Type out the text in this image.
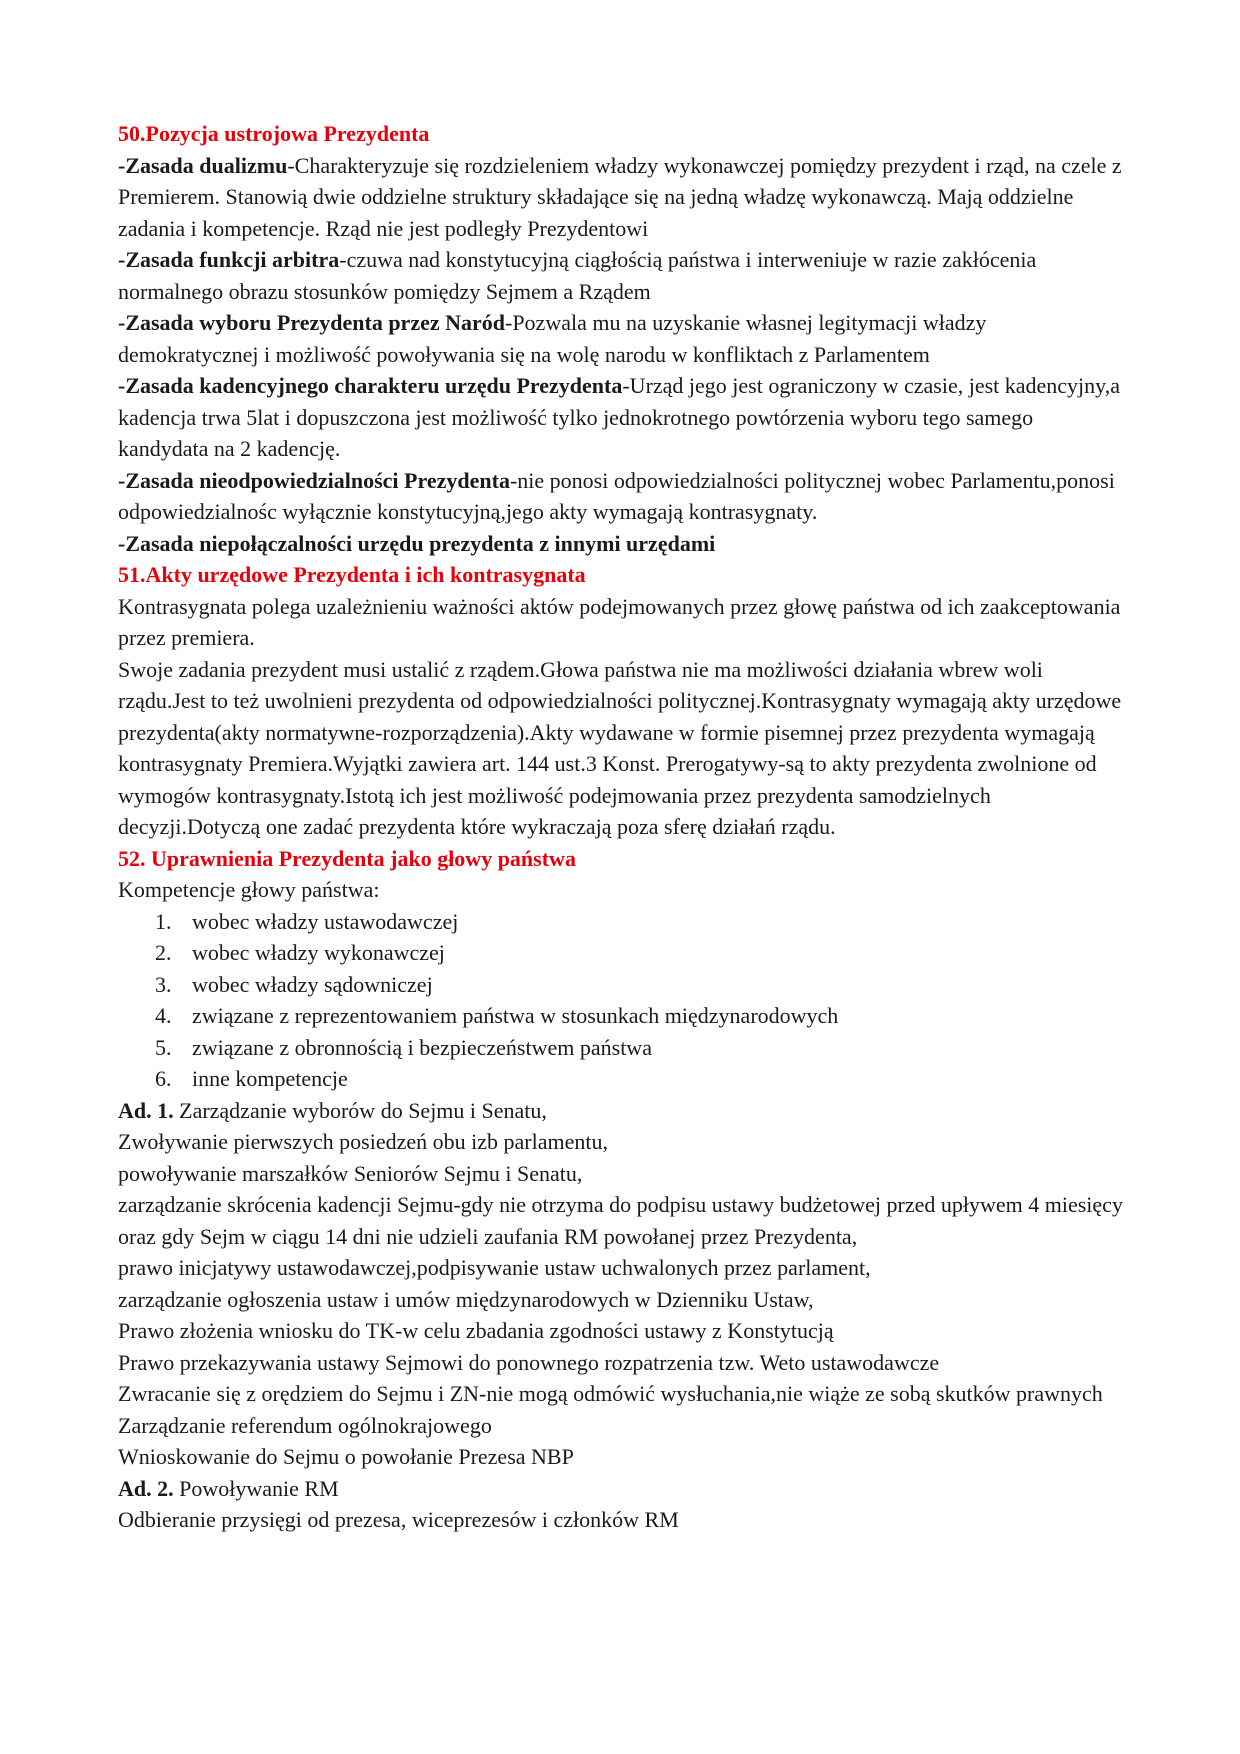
50.Pozycja ustrojowa Prezydenta

-Zasada dualizmu-Charakteryzuje się rozdzieleniem władzy wykonawczej pomiędzy prezydent i rząd, na czele z Premierem. Stanowią dwie oddzielne struktury składające się na jedną władzę wykonawczą. Mają oddzielne zadania i kompetencje. Rząd nie jest podległy Prezydentowi

-Zasada funkcji arbitra-czuwa nad konstytucyjną ciągłością państwa i interweniuje w razie zakłócenia normalnego obrazu stosunków pomiędzy Sejmem a Rządem

-Zasada wyboru Prezydenta przez Naród-Pozwala mu na uzyskanie własnej legitymacji władzy demokratycznej i możliwość powoływania się na wolę narodu w konfliktach z Parlamentem

-Zasada kadencyjnego charakteru urzędu Prezydenta-Urząd jego jest ograniczony w czasie, jest kadencyjny,a kadencja trwa 5lat i dopuszczona jest możliwość tylko jednokrotnego powtórzenia wyboru tego samego kandydata na 2 kadencję.

-Zasada nieodpowiedzialności Prezydenta-nie ponosi odpowiedzialności politycznej wobec Parlamentu,ponosi odpowiedzialnośc wyłącznie konstytucyjną,jego akty wymagają kontrasygnaty.

-Zasada niepołączalności urzędu prezydenta z innymi urzędami

51.Akty urzędowe Prezydenta i ich kontrasygnata

Kontrasygnata polega uzależnieniu ważności aktów podejmowanych przez głowę państwa od ich zaakceptowania przez premiera.

Swoje zadania prezydent musi ustalić z rządem.Głowa państwa nie ma możliwości działania wbrew woli rządu.Jest to też uwolnieni prezydenta od odpowiedzialności politycznej.Kontrasygnaty wymagają akty urzędowe prezydenta(akty normatywne-rozporządzenia).Akty wydawane w formie pisemnej przez prezydenta wymagają kontrasygnaty Premiera.Wyjątki zawiera art. 144 ust.3 Konst. Prerogatywy-są to akty prezydenta zwolnione od wymogów kontrasygnaty.Istotą ich jest możliwość podejmowania przez prezydenta samodzielnych decyzji.Dotyczą one zadać prezydenta które wykraczają poza sferę działań rządu.

52. Uprawnienia Prezydenta jako głowy państwa

Kompetencje głowy państwa:

1. wobec władzy ustawodawczej
2. wobec władzy wykonawczej
3. wobec władzy sądowniczej
4. związane z reprezentowaniem państwa w stosunkach międzynarodowych
5. związane z obronnością i bezpieczeństwem państwa
6. inne kompetencje

Ad. 1. Zarządzanie wyborów do Sejmu i Senatu,

Zwoływanie pierwszych posiedzeń obu izb parlamentu,

powoływanie marszałków Seniorów Sejmu i Senatu,

zarządzanie skrócenia kadencji Sejmu-gdy nie otrzyma do podpisu ustawy budżetowej przed upływem 4 miesięcy oraz gdy Sejm w ciągu 14 dni nie udzieli zaufania RM powołanej przez Prezydenta,

prawo inicjatywy ustawodawczej,podpisywanie ustaw uchwalonych przez parlament,

zarządzanie ogłoszenia ustaw i umów międzynarodowych w Dzienniku Ustaw,

Prawo złożenia wniosku do TK-w celu zbadania zgodności ustawy z Konstytucją

Prawo przekazywania ustawy Sejmowi do ponownego rozpatrzenia tzw. Weto ustawodawcze

Zwracanie się z orędziem do Sejmu i ZN-nie mogą odmówić wysłuchania,nie wiąże ze sobą skutków prawnych

Zarządzanie referendum ogólnokrajowego

Wnioskowanie do Sejmu o powołanie Prezesa NBP

Ad. 2. Powoływanie RM

Odbieranie przysięgi od prezesa, wiceprezesów i członków RM
